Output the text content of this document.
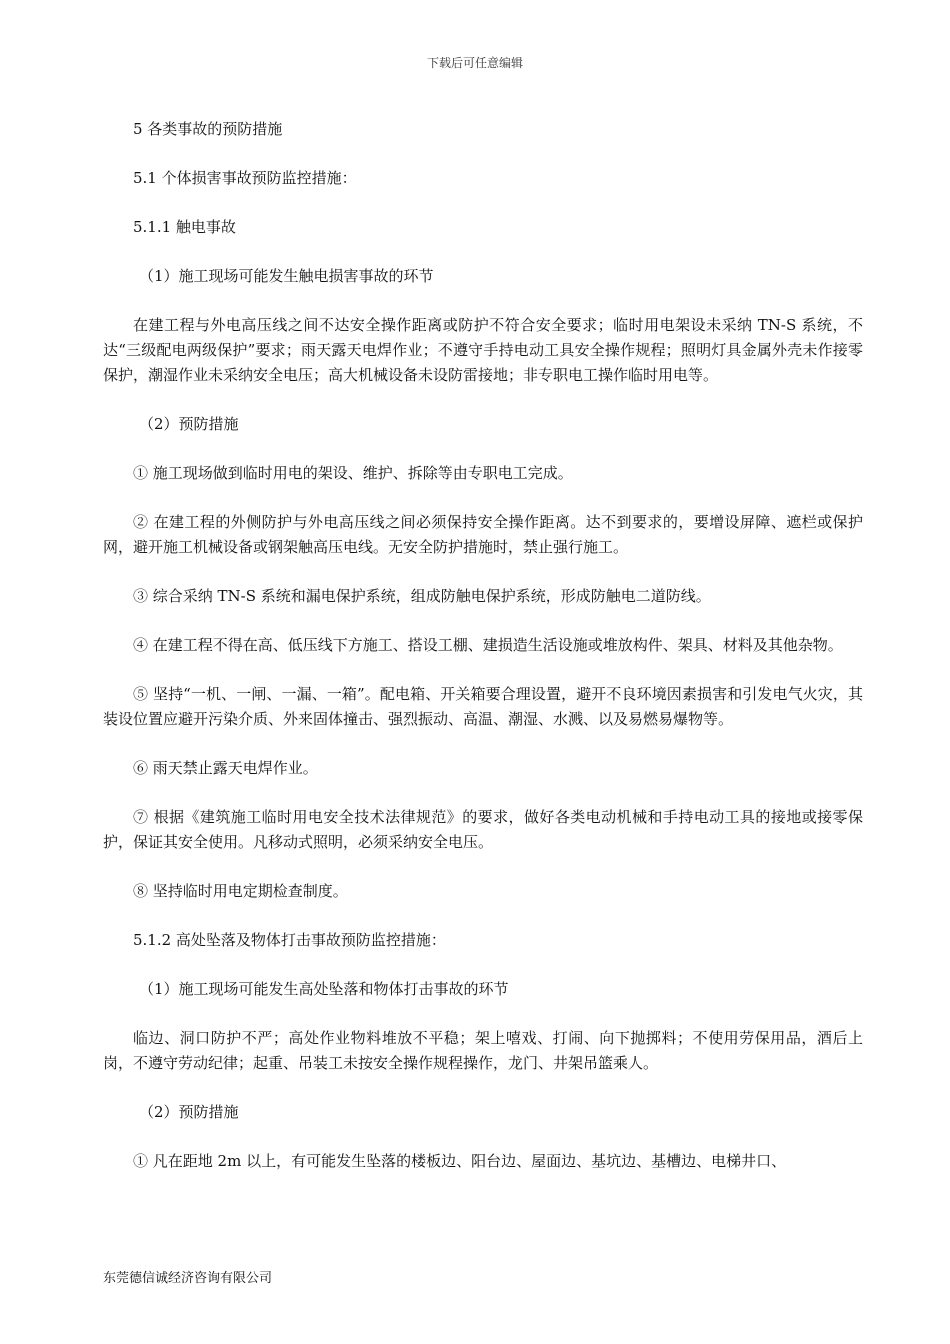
下载后可任意编辑

5 各类事故的预防措施

5.1 个体损害事故预防监控措施：

5.1.1 触电事故

（1）施工现场可能发生触电损害事故的环节

在建工程与外电高压线之间不达安全操作距离或防护不符合安全要求；临时用电架设未采纳 TN-S 系统，不达“三级配电两级保护”要求；雨天露天电焊作业；不遵守手持电动工具安全操作规程；照明灯具金属外壳未作接零保护，潮湿作业未采纳安全电压；高大机械设备未设防雷接地；非专职电工操作临时用电等。

（2）预防措施

① 施工现场做到临时用电的架设、维护、拆除等由专职电工完成。

② 在建工程的外侧防护与外电高压线之间必须保持安全操作距离。达不到要求的，要增设屏障、遮栏或保护网，避开施工机械设备或钢架触高压电线。无安全防护措施时，禁止强行施工。

③ 综合采纳 TN-S 系统和漏电保护系统，组成防触电保护系统，形成防触电二道防线。

④ 在建工程不得在高、低压线下方施工、搭设工棚、建损造生活设施或堆放构件、架具、材料及其他杂物。

⑤ 坚持“一机、一闸、一漏、一箱”。配电箱、开关箱要合理设置，避开不良环境因素损害和引发电气火灾，其装设位置应避开污染介质、外来固体撞击、强烈振动、高温、潮湿、水溅、以及易燃易爆物等。

⑥ 雨天禁止露天电焊作业。

⑦ 根据《建筑施工临时用电安全技术法律规范》的要求，做好各类电动机械和手持电动工具的接地或接零保护，保证其安全使用。凡移动式照明，必须采纳安全电压。

⑧ 坚持临时用电定期检查制度。

5.1.2 高处坠落及物体打击事故预防监控措施：

（1）施工现场可能发生高处坠落和物体打击事故的环节

临边、洞口防护不严；高处作业物料堆放不平稳；架上嘻戏、打闹、向下抛掷料；不使用劳保用品，酒后上岗，不遵守劳动纪律；起重、吊装工未按安全操作规程操作，龙门、井架吊篮乘人。

（2）预防措施

① 凡在距地 2m 以上，有可能发生坠落的楼板边、阳台边、屋面边、基坑边、基槽边、电梯井口、

东莞德信诚经济咨询有限公司
